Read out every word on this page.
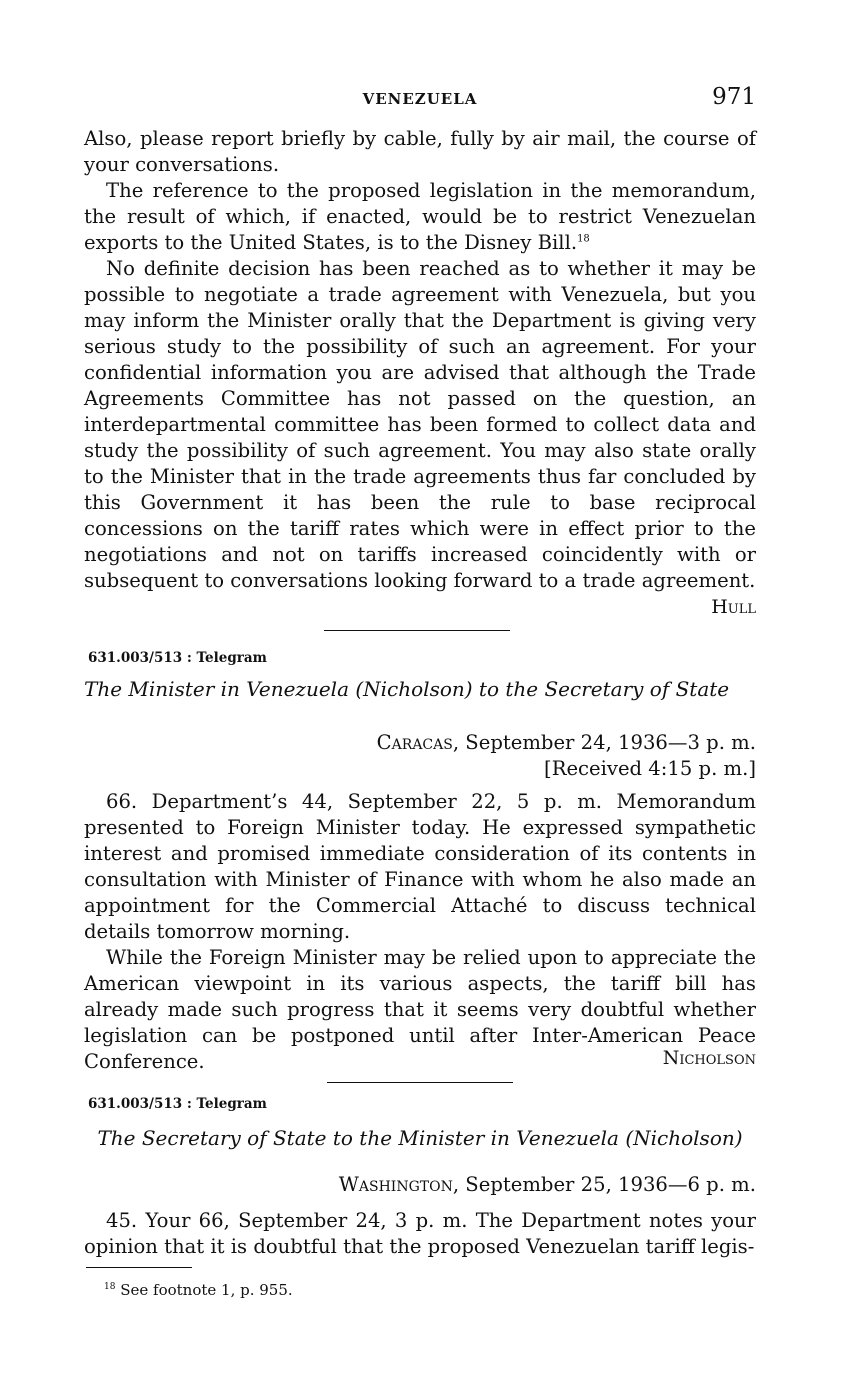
VENEZUELA	971

Also, please report briefly by cable, fully by air mail, the course of your conversations.

The reference to the proposed legislation in the memorandum, the result of which, if enacted, would be to restrict Venezuelan exports to the United States, is to the Disney Bill.$^{18}$

No definite decision has been reached as to whether it may be possible to negotiate a trade agreement with Venezuela, but you may inform the Minister orally that the Department is giving very serious study to the possibility of such an agreement. For your confidential information you are advised that although the Trade Agreements Committee has not passed on the question, an interdepartmental committee has been formed to collect data and study the possibility of such agreement. You may also state orally to the Minister that in the trade agreements thus far concluded by this Government it has been the rule to base reciprocal concessions on the tariff rates which were in effect prior to the negotiations and not on tariffs increased coincidently with or subsequent to conversations looking forward to a trade agreement.

Hull
631.003/513 : Telegram
The Minister in Venezuela (Nicholson) to the Secretary of State
Caracas, September 24, 1936—3 p. m.
[Received 4:15 p. m.]

66. Department’s 44, September 22, 5 p. m. Memorandum presented to Foreign Minister today. He expressed sympathetic interest and promised immediate consideration of its contents in consultation with Minister of Finance with whom he also made an appointment for the Commercial Attaché to discuss technical details tomorrow morning.

While the Foreign Minister may be relied upon to appreciate the American viewpoint in its various aspects, the tariff bill has already made such progress that it seems very doubtful whether legislation can be postponed until after Inter-American Peace Conference.	Nicholson
631.003/513 : Telegram
The Secretary of State to the Minister in Venezuela (Nicholson)
Washington, September 25, 1936—6 p. m.

45. Your 66, September 24, 3 p. m. The Department notes your opinion that it is doubtful that the proposed Venezuelan tariff legis-

$^{18}$ See footnote 1, p. 955.
